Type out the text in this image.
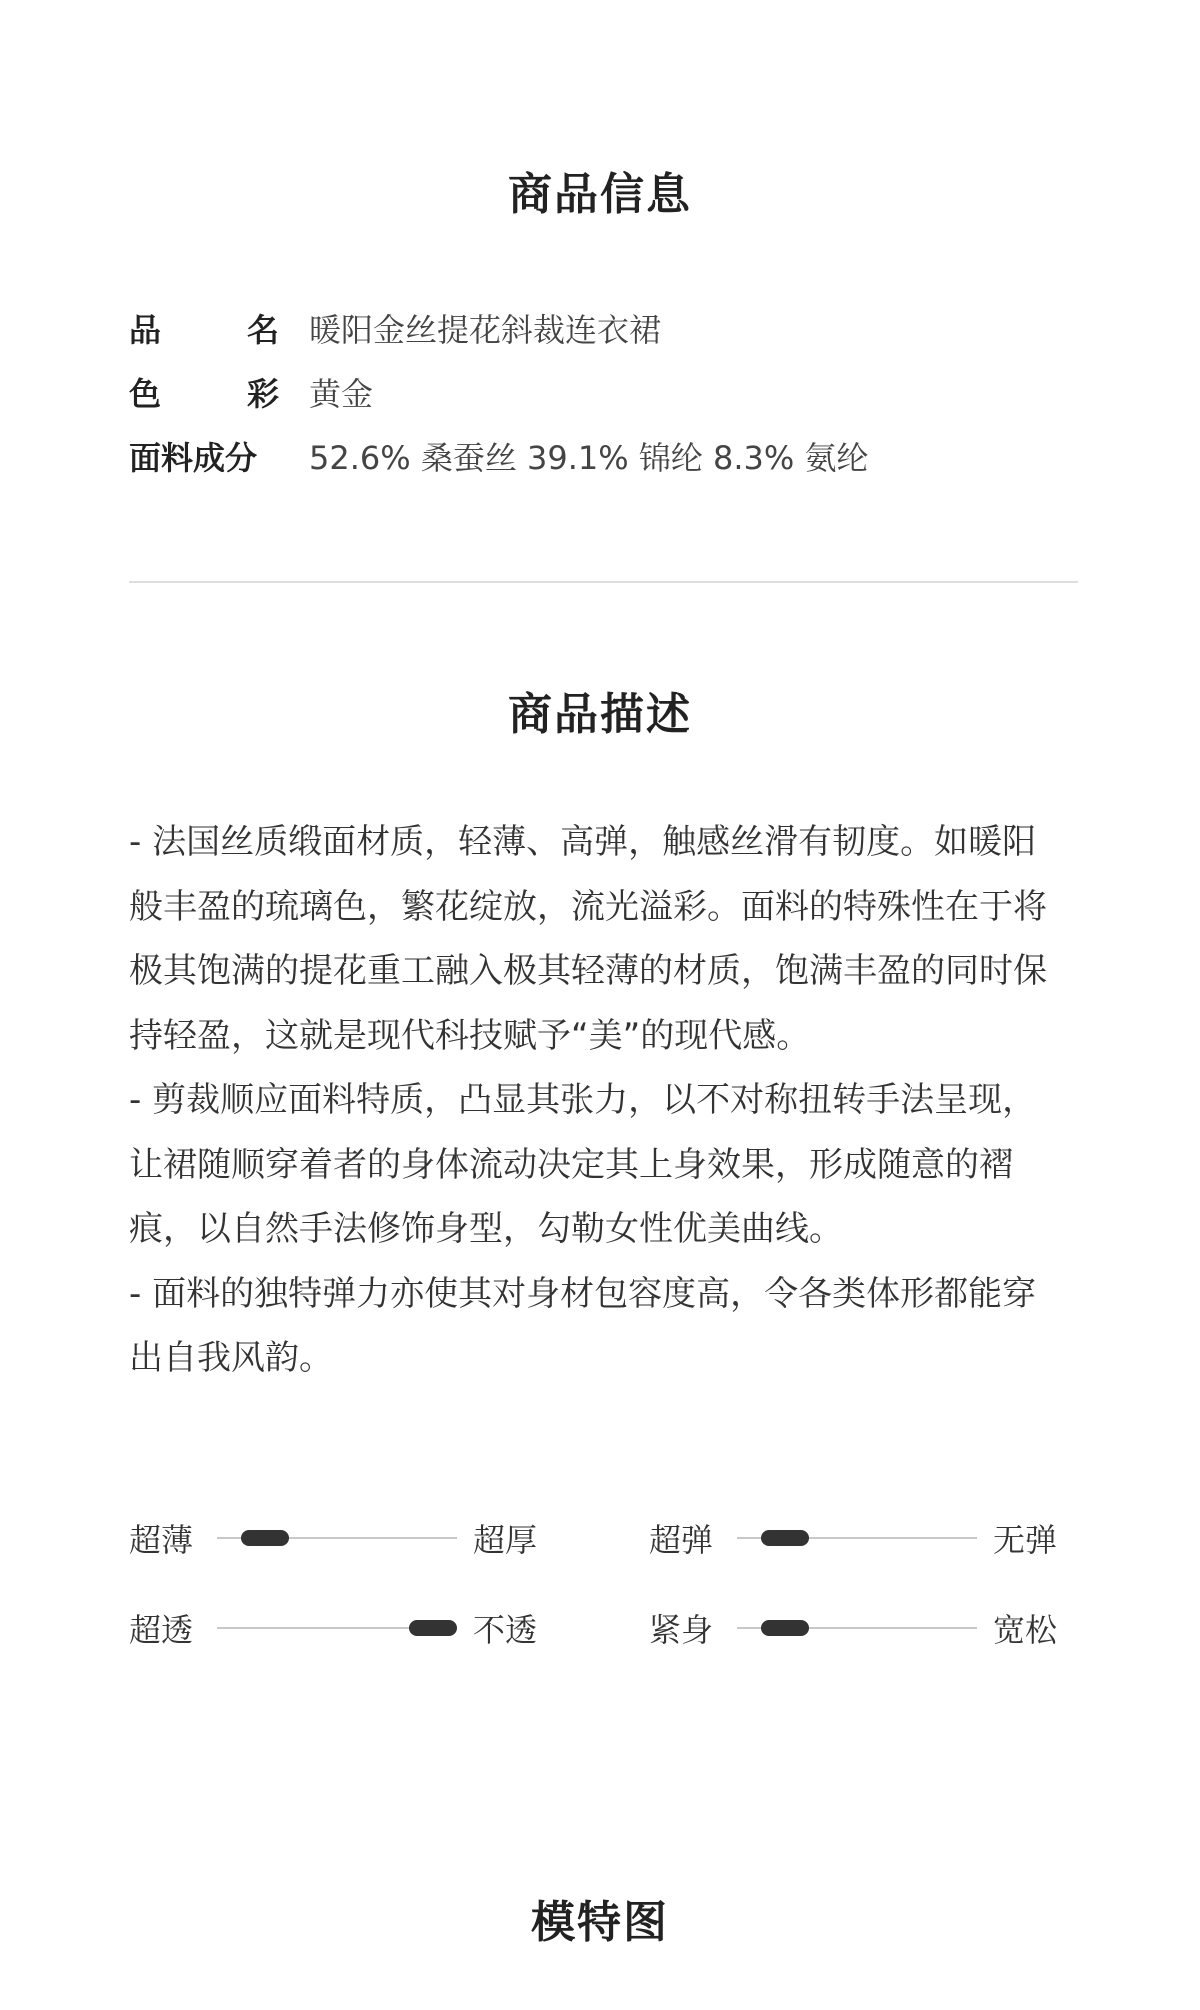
商品信息
品	名 暖阳金丝提花斜裁连衣裙
色	彩 黄金
面料成分 52.6% 桑蚕丝 39.1% 锦纶 8.3% 氨纶
商品描述

- 法国丝质缎面材质，轻薄、高弹，触感丝滑有韧度。如暖阳般丰盈的琉璃色，繁花绽放，流光溢彩。面料的特殊性在于将极其饱满的提花重工融入极其轻薄的材质，饱满丰盈的同时保持轻盈，这就是现代科技赋予“美”的现代感。

- 剪裁顺应面料特质，凸显其张力，以不对称扭转手法呈现，让裙随顺穿着者的身体流动决定其上身效果，形成随意的褶痕，以自然手法修饰身型，勾勒女性优美曲线。

- 面料的独特弹力亦使其对身材包容度高，令各类体形都能穿出自我风韵。

超薄	超厚	超弹	无弹
超透	不透	紧身	宽松
模特图
